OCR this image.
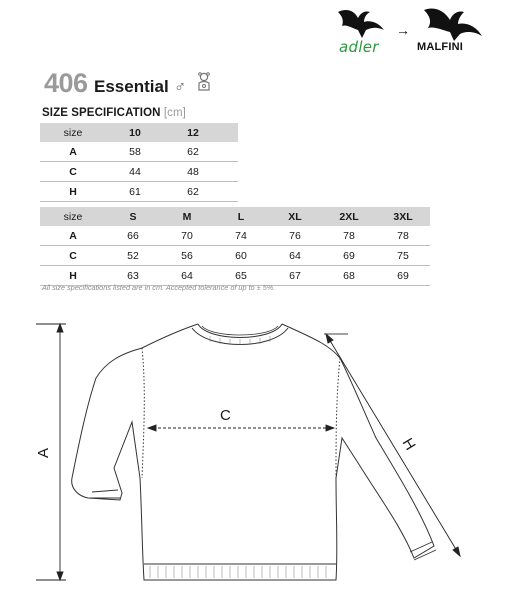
adler
→
MALFINI
406 Essential ♂
SIZE SPECIFICATION [cm]
size	10	12	
A	58	62	
C	44	48	
H	61	62	
size	S	M	L	XL	2XL	3XL
A	66	70	74	76	78	78
C	52	56	60	64	69	75
H	63	64	65	67	68	69
All size specifications listed are in cm. Accepted tolerance of up to ± 5%.
A
C
H
